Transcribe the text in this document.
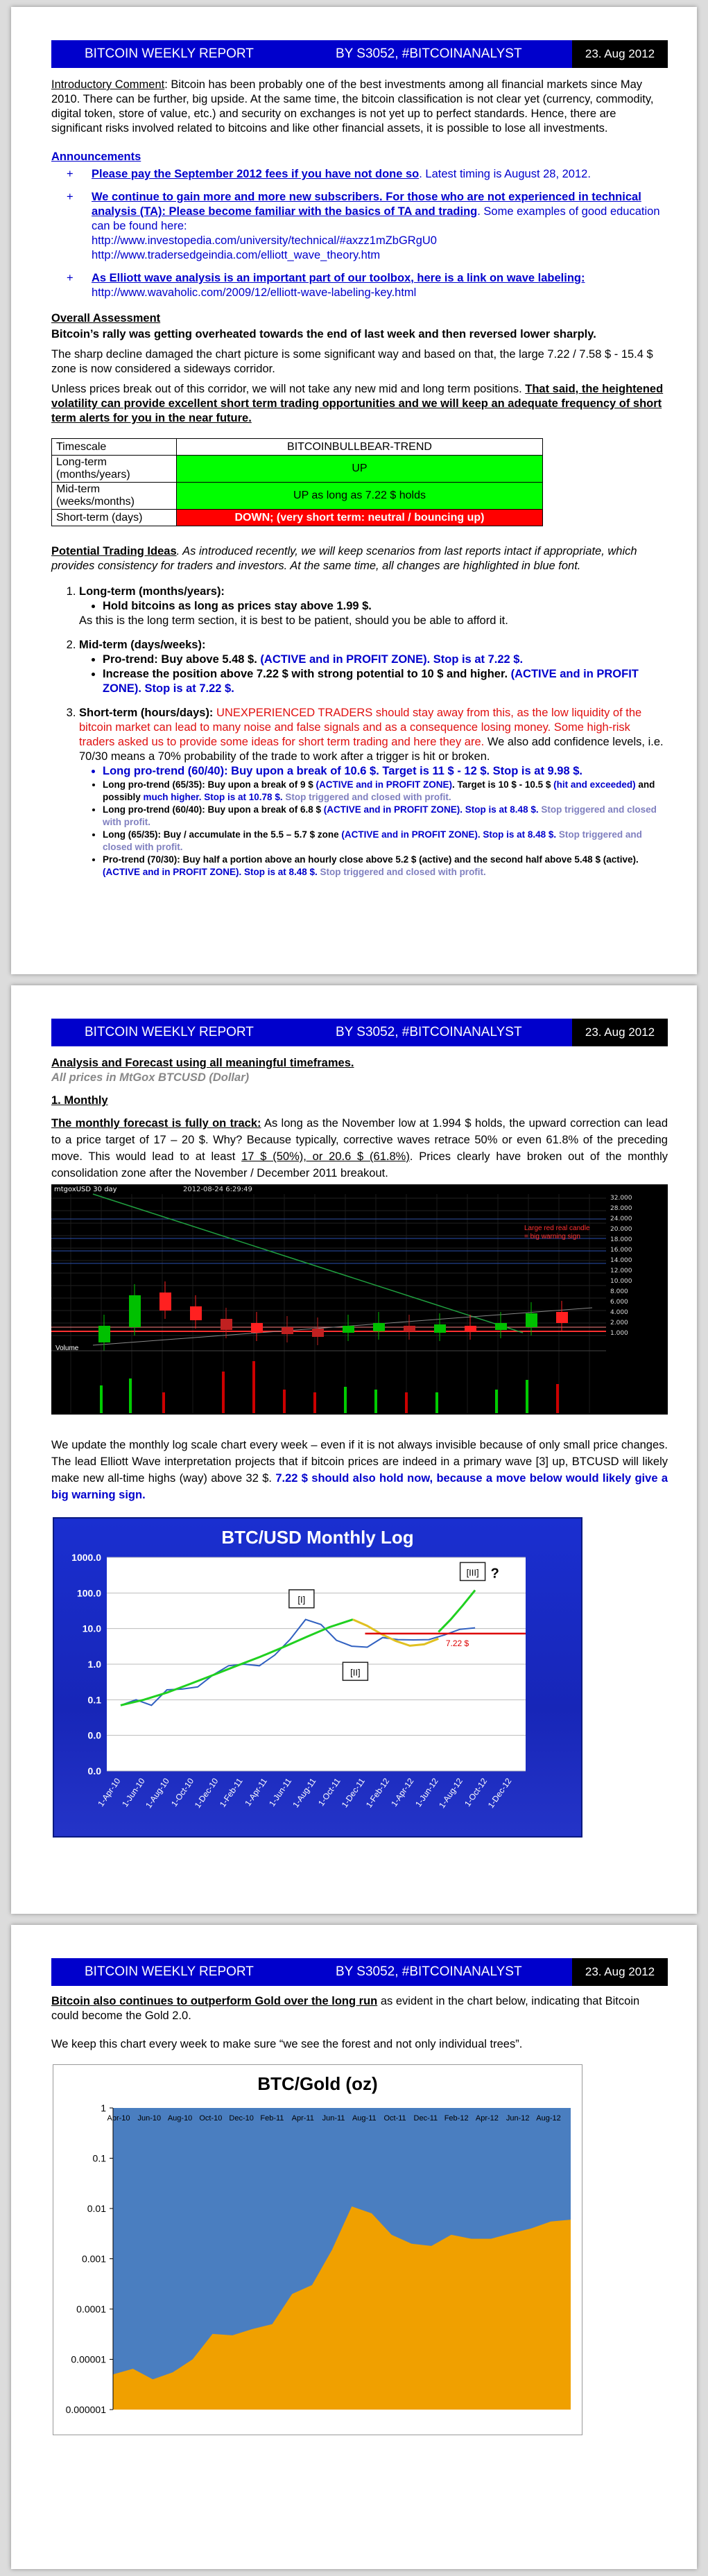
BITCOIN WEEKLY REPORT	BY S3052, #BITCOINANALYST	23. Aug 2012

Introductory Comment: Bitcoin has been probably one of the best investments among all financial markets since May 2010. There can be further, big upside. At the same time, the bitcoin classification is not clear yet (currency, commodity, digital token, store of value, etc.) and security on exchanges is not yet up to perfect standards. Hence, there are significant risks involved related to bitcoins and like other financial assets, it is possible to lose all investments.

Announcements

+ Please pay the September 2012 fees if you have not done so. Latest timing is August 28, 2012.
+ We continue to gain more and more new subscribers. For those who are not experienced in technical analysis (TA): Please become familiar with the basics of TA and trading. Some examples of good education can be found here:
http://www.investopedia.com/university/technical/#axzz1mZbGRgU0
http://www.tradersedgeindia.com/elliott_wave_theory.htm
+ As Elliott wave analysis is an important part of our toolbox, here is a link on wave labeling:
http://www.wavaholic.com/2009/12/elliott-wave-labeling-key.html

Overall Assessment

Bitcoin’s rally was getting overheated towards the end of last week and then reversed lower sharply.

The sharp decline damaged the chart picture is some significant way and based on that, the large 7.22 / 7.58 $ - 15.4 $ zone is now considered a sideways corridor.

Unless prices break out of this corridor, we will not take any new mid and long term positions. That said, the heightened volatility can provide excellent short term trading opportunities and we will keep an adequate frequency of short term alerts for you in the near future.

Timescale	BITCOINBULLBEAR-TREND
Long-term (months/years)	UP
Mid-term (weeks/months)	UP as long as 7.22 $ holds
Short-term (days)	DOWN; (very short term: neutral / bouncing up)

Potential Trading Ideas. As introduced recently, we will keep scenarios from last reports intact if appropriate, which provides consistency for traders and investors. At the same time, all changes are highlighted in blue font.

1. Long-term (months/years):
• Hold bitcoins as long as prices stay above 1.99 $.
As this is the long term section, it is best to be patient, should you be able to afford it.
2. Mid-term (days/weeks):
• Pro-trend: Buy above 5.48 $. (ACTIVE and in PROFIT ZONE). Stop is at 7.22 $.
• Increase the position above 7.22 $ with strong potential to 10 $ and higher. (ACTIVE and in PROFIT ZONE). Stop is at 7.22 $.
3. Short-term (hours/days): UNEXPERIENCED TRADERS should stay away from this, as the low liquidity of the bitcoin market can lead to many noise and false signals and as a consequence losing money. Some high-risk traders asked us to provide some ideas for short term trading and here they are. We also add confidence levels, i.e. 70/30 means a 70% probability of the trade to work after a trigger is hit or broken.
• Long pro-trend (60/40): Buy upon a break of 10.6 $. Target is 11 $ - 12 $. Stop is at 9.98 $.
• Long pro-trend (65/35): Buy upon a break of 9 $ (ACTIVE and in PROFIT ZONE). Target is 10 $ - 10.5 $ (hit and exceeded) and possibly much higher. Stop is at 10.78 $. Stop triggered and closed with profit.
• Long pro-trend (60/40): Buy upon a break of 6.8 $ (ACTIVE and in PROFIT ZONE). Stop is at 8.48 $. Stop triggered and closed with profit.
• Long (65/35): Buy / accumulate in the 5.5 – 5.7 $ zone (ACTIVE and in PROFIT ZONE). Stop is at 8.48 $. Stop triggered and closed with profit.
• Pro-trend (70/30): Buy half a portion above an hourly close above 5.2 $ (active) and the second half above 5.48 $ (active). (ACTIVE and in PROFIT ZONE). Stop is at 8.48 $. Stop triggered and closed with profit.
BITCOIN WEEKLY REPORT	BY S3052, #BITCOINANALYST	23. Aug 2012

Analysis and Forecast using all meaningful timeframes.

All prices in MtGox BTCUSD (Dollar)

1. Monthly

The monthly forecast is fully on track: As long as the November low at 1.994 $ holds, the upward correction can lead to a price target of 17 – 20 $. Why? Because typically, corrective waves retrace 50% or even 61.8% of the preceding move. This would lead to at least 17 $ (50%), or 20.6 $ (61.8%). Prices clearly have broken out of the monthly consolidation zone after the November / December 2011 breakout.

32.000
28.000
24.000
20.000
18.000
16.000
14.000
12.000
10.000
8.000
6.000
4.000
2.000
1.000
mtgoxUSD 30 day	2012-08-24 6:29:49
Large red real candle
= big warning sign
Volume

We update the monthly log scale chart every week – even if it is not always invisible because of only small price changes. The lead Elliott Wave interpretation projects that if bitcoin prices are indeed in a primary wave [3] up, BTCUSD will likely make new all-time highs (way) above 32 $. 7.22 $ should also hold now, because a move below would likely give a big warning sign.

BTC/USD Monthly Log
1000.0
100.0
10.0
1.0
0.1
0.0
0.0
1-Apr-10
1-Jun-10
1-Aug-10
1-Oct-10
1-Dec-10
1-Feb-11
1-Apr-11
1-Jun-11
1-Aug-11
1-Oct-11
1-Dec-11
1-Feb-12
1-Apr-12
1-Jun-12
1-Aug-12
1-Oct-12
1-Dec-12
7.22 $
[I]
[II]
[III] ?
BITCOIN WEEKLY REPORT	BY S3052, #BITCOINANALYST	23. Aug 2012

Bitcoin also continues to outperform Gold over the long run as evident in the chart below, indicating that Bitcoin could become the Gold 2.0.

We keep this chart every week to make sure “we see the forest and not only individual trees”.

BTC/Gold (oz)
1
0.1
0.01
0.001
0.0001
0.00001
0.000001
Apr-10 Jun-10 Aug-10 Oct-10 Dec-10 Feb-11 Apr-11 Jun-11 Aug-11 Oct-11 Dec-11 Feb-12 Apr-12 Jun-12 Aug-12
